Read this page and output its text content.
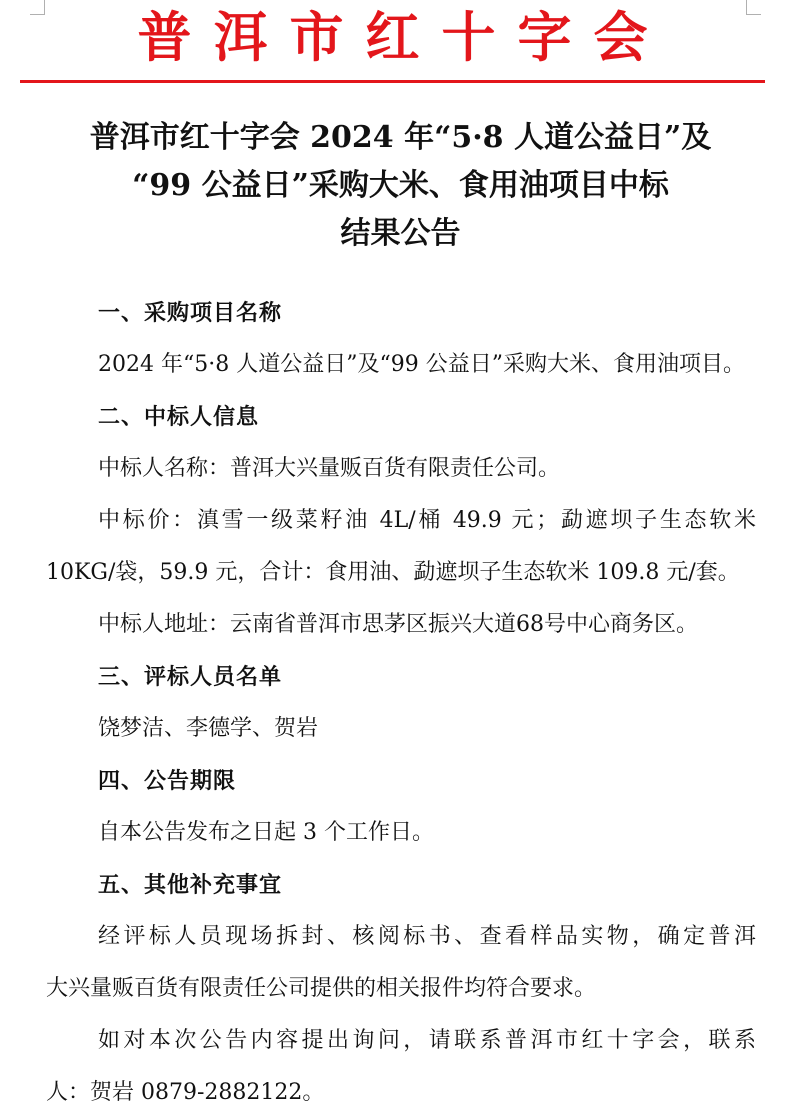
普洱市红十字会
普洱市红十字会 2024 年“5·8 人道公益日”及
“99 公益日”采购大米、食用油项目中标
结果公告

一、采购项目名称

2024 年“5·8 人道公益日”及“99 公益日”采购大米、食用油项目。

二、中标人信息

中标人名称：普洱大兴量贩百货有限责任公司。

中标价：滇雪一级菜籽油 4L/桶 49.9 元；勐遮坝子生态软米
10KG/袋，59.9 元，合计：食用油、勐遮坝子生态软米 109.8 元/套。

中标人地址：云南省普洱市思茅区振兴大道68号中心商务区。

三、评标人员名单

饶梦洁、李德学、贺岩

四、公告期限

自本公告发布之日起 3 个工作日。

五、其他补充事宜

经评标人员现场拆封、核阅标书、查看样品实物，确定普洱
大兴量贩百货有限责任公司提供的相关报件均符合要求。
如对本次公告内容提出询问，请联系普洱市红十字会，联系
人：贺岩 0879-2882122。
